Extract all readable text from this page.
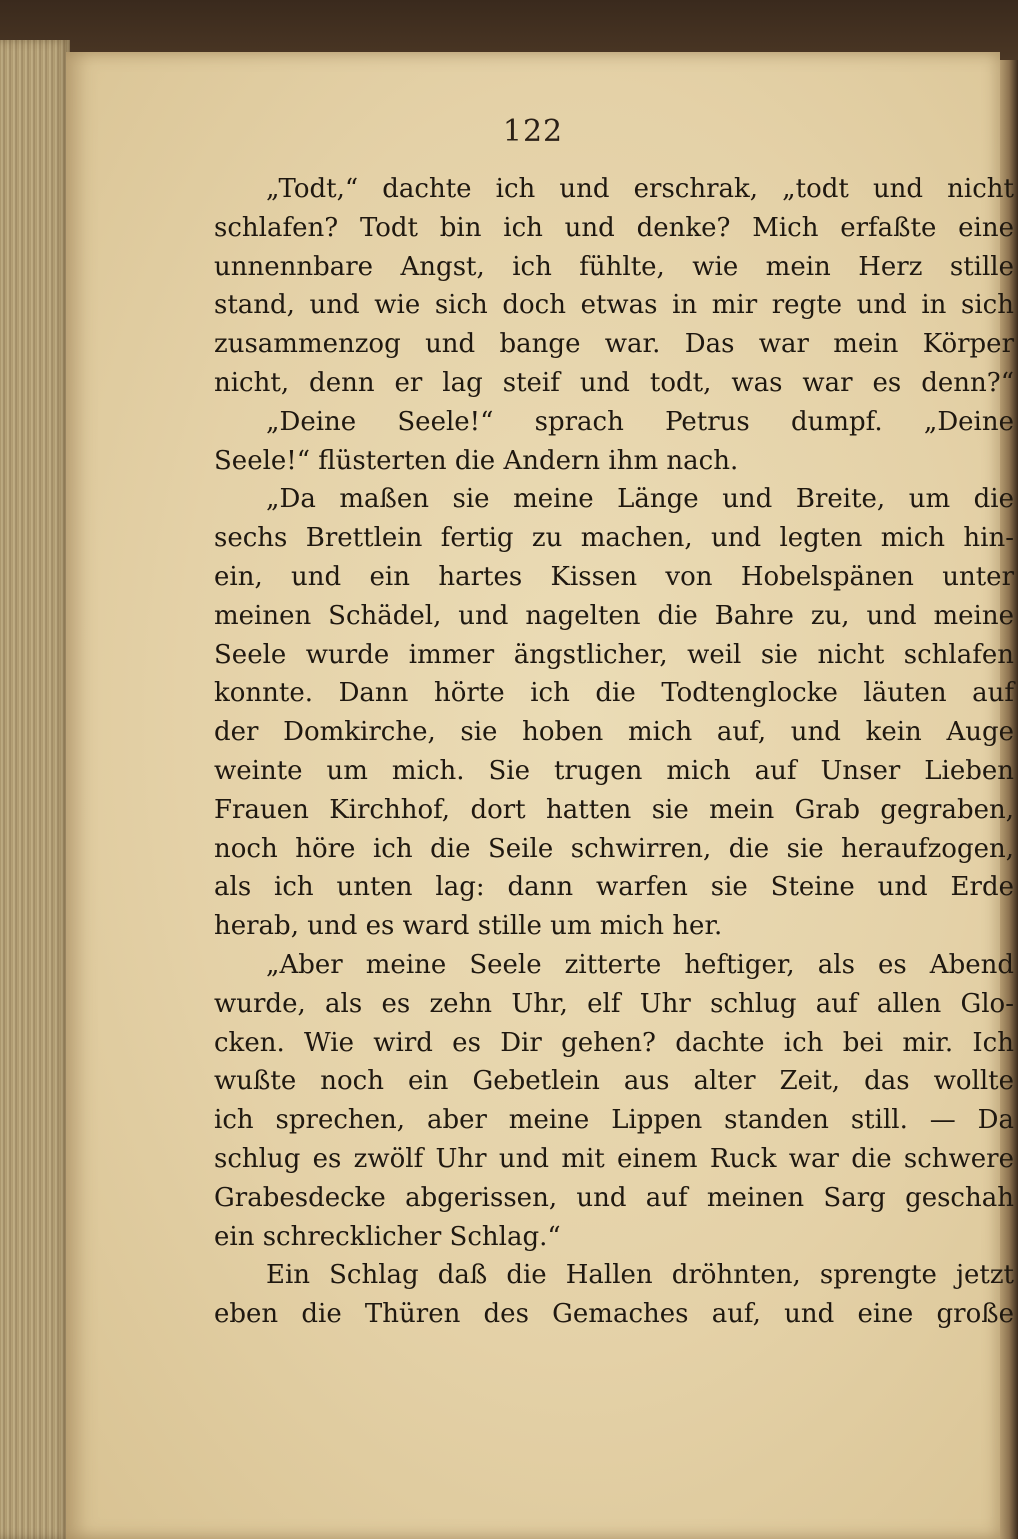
122
„Todt,“ dachte ich und erschrak, „todt und nicht
schlafen? Todt bin ich und denke? Mich erfaßte eine
unnennbare Angst, ich fühlte, wie mein Herz stille
stand, und wie sich doch etwas in mir regte und in sich
zusammenzog und bange war. Das war mein Körper
nicht, denn er lag steif und todt, was war es denn?“
„Deine Seele!“ sprach Petrus dumpf. „Deine
Seele!“ flüsterten die Andern ihm nach.
„Da maßen sie meine Länge und Breite, um die
sechs Brettlein fertig zu machen, und legten mich hin-
ein, und ein hartes Kissen von Hobelspänen unter
meinen Schädel, und nagelten die Bahre zu, und meine
Seele wurde immer ängstlicher, weil sie nicht schlafen
konnte. Dann hörte ich die Todtenglocke läuten auf
der Domkirche, sie hoben mich auf, und kein Auge
weinte um mich. Sie trugen mich auf Unser Lieben
Frauen Kirchhof, dort hatten sie mein Grab gegraben,
noch höre ich die Seile schwirren, die sie heraufzogen,
als ich unten lag: dann warfen sie Steine und Erde
herab, und es ward stille um mich her.
„Aber meine Seele zitterte heftiger, als es Abend
wurde, als es zehn Uhr, elf Uhr schlug auf allen Glo-
cken. Wie wird es Dir gehen? dachte ich bei mir. Ich
wußte noch ein Gebetlein aus alter Zeit, das wollte
ich sprechen, aber meine Lippen standen still. — Da
schlug es zwölf Uhr und mit einem Ruck war die schwere
Grabesdecke abgerissen, und auf meinen Sarg geschah
ein schrecklicher Schlag.“
Ein Schlag daß die Hallen dröhnten, sprengte jetzt
eben die Thüren des Gemaches auf, und eine große
